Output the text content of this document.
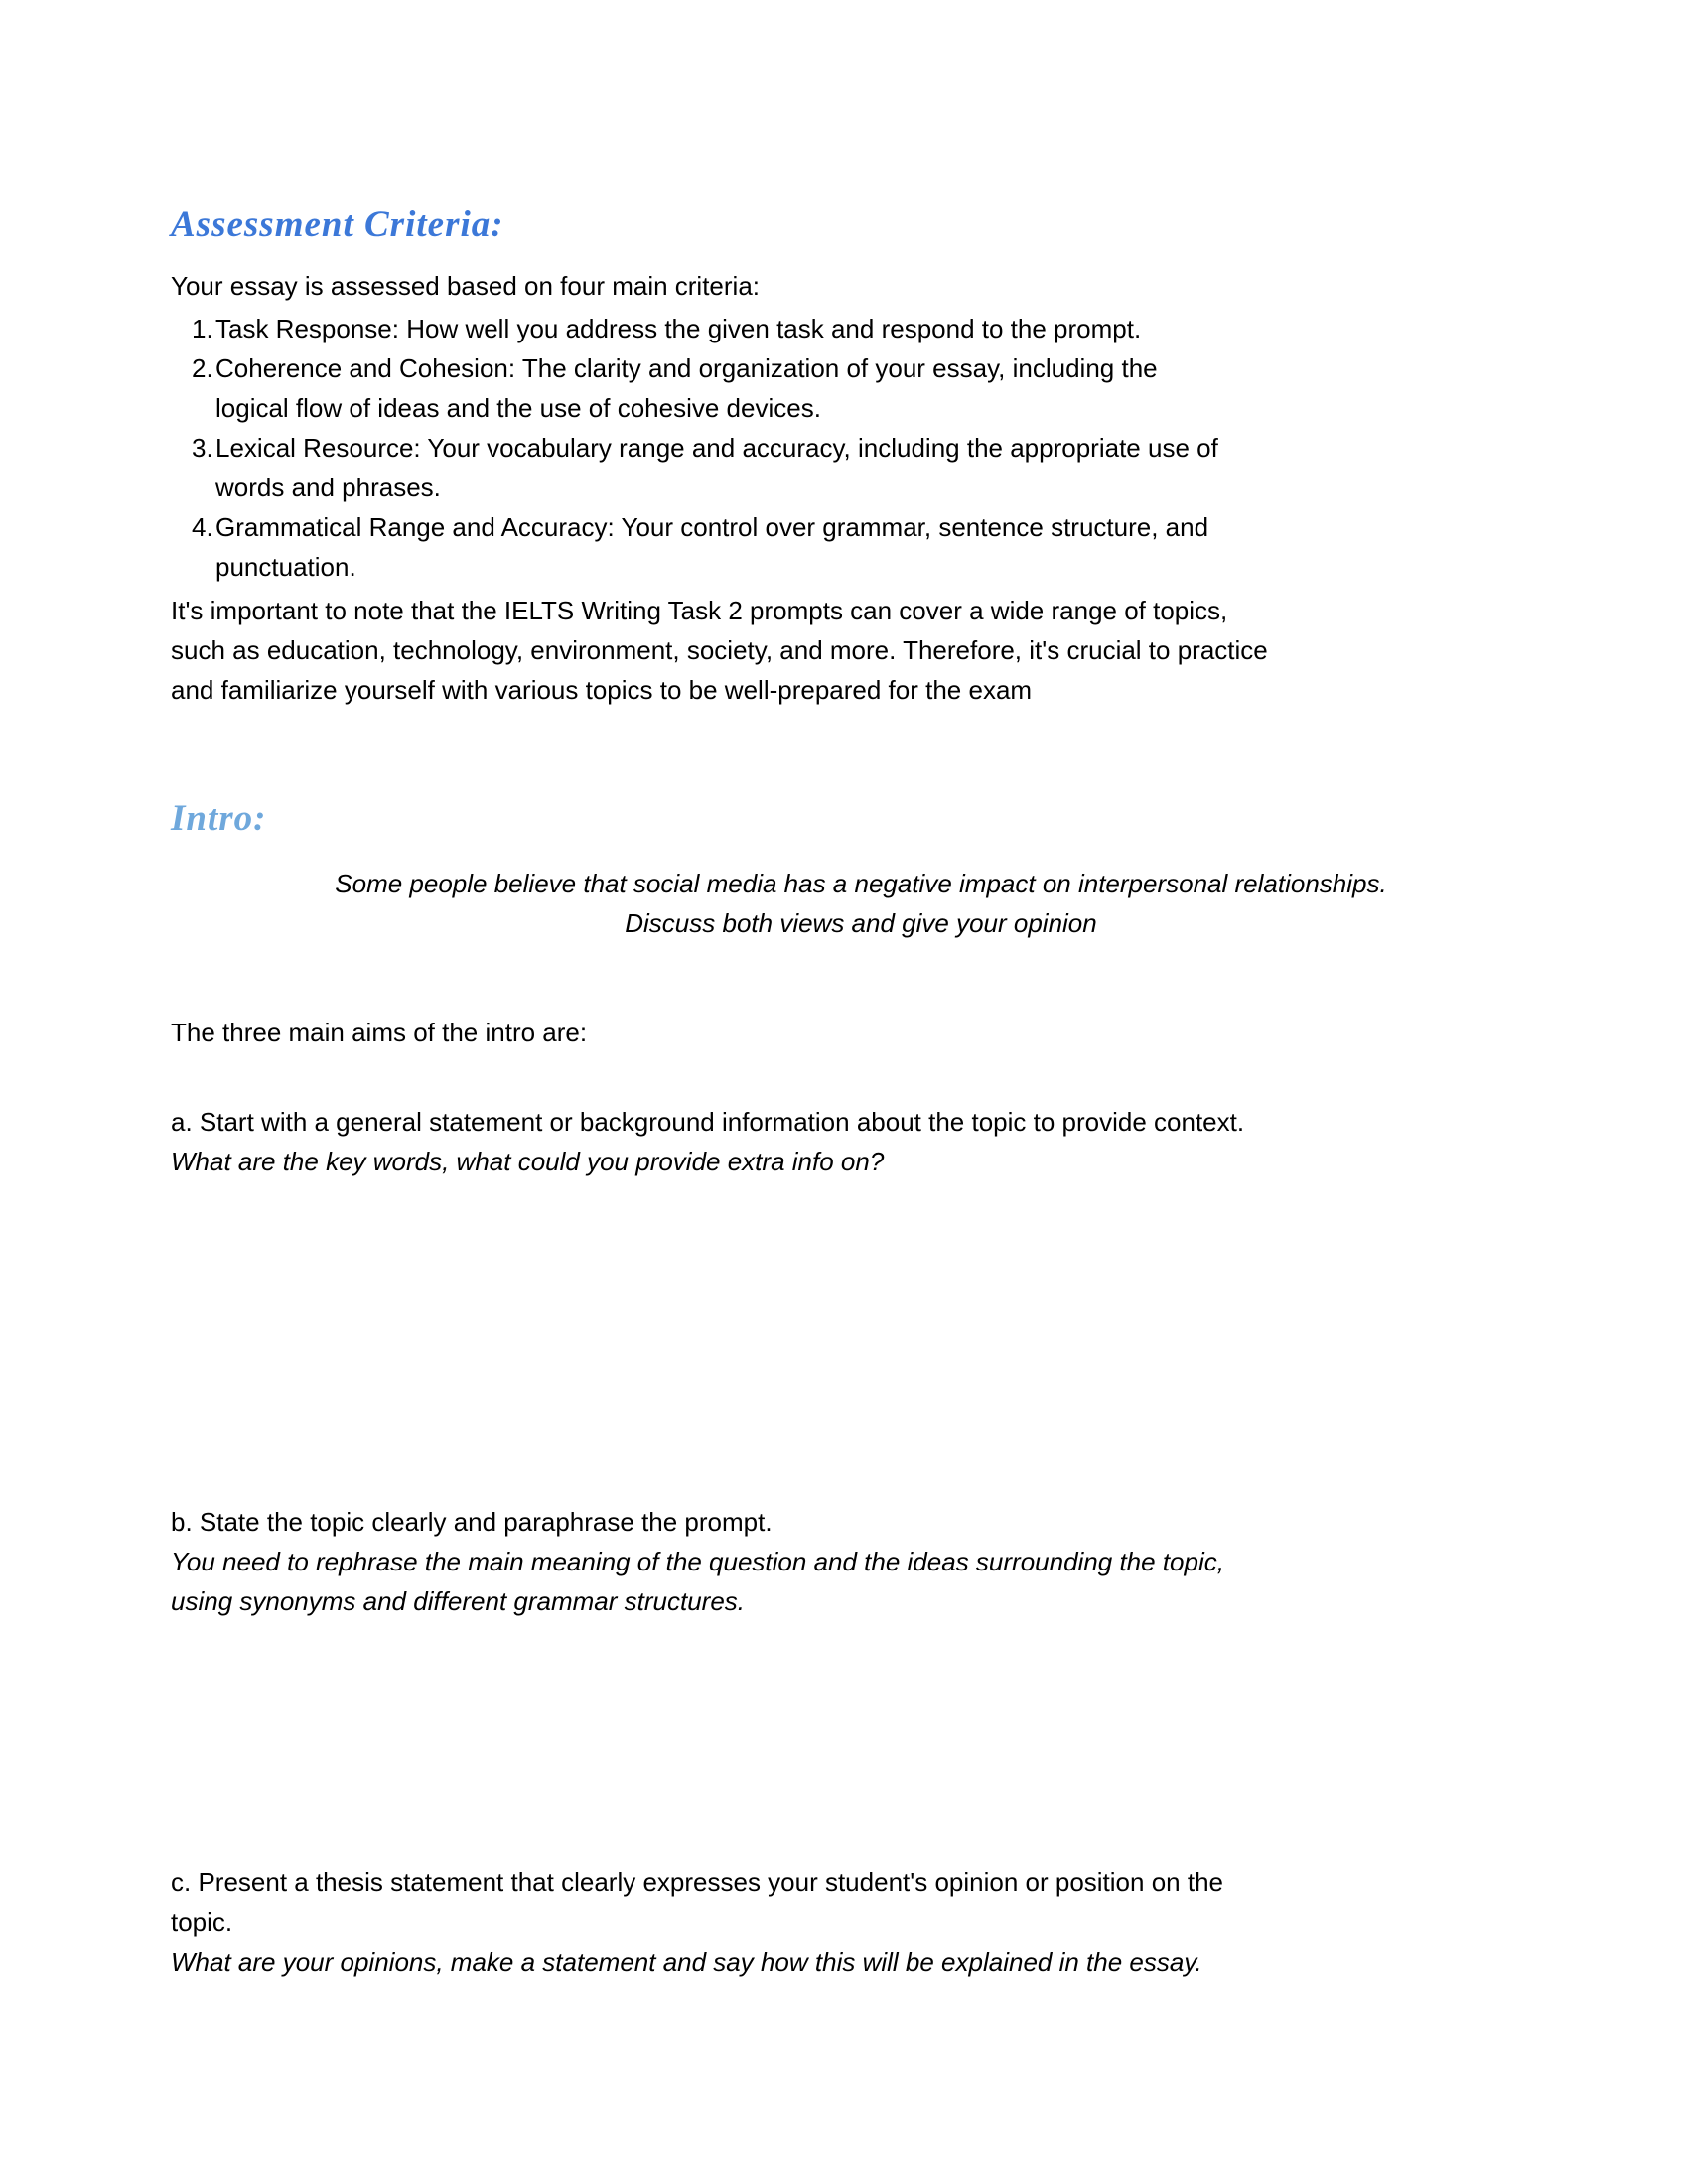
Assessment Criteria:
Your essay is assessed based on four main criteria:
1. Task Response: How well you address the given task and respond to the prompt.
2. Coherence and Cohesion: The clarity and organization of your essay, including the
logical flow of ideas and the use of cohesive devices.
3. Lexical Resource: Your vocabulary range and accuracy, including the appropriate use of
words and phrases.
4. Grammatical Range and Accuracy: Your control over grammar, sentence structure, and
punctuation.
It's important to note that the IELTS Writing Task 2 prompts can cover a wide range of topics,
such as education, technology, environment, society, and more. Therefore, it's crucial to practice
and familiarize yourself with various topics to be well-prepared for the exam
Intro:
Some people believe that social media has a negative impact on interpersonal relationships.
Discuss both views and give your opinion
The three main aims of the intro are:
a. Start with a general statement or background information about the topic to provide context.
What are the key words, what could you provide extra info on?
b. State the topic clearly and paraphrase the prompt.
You need to rephrase the main meaning of the question and the ideas surrounding the topic,
using synonyms and different grammar structures.
c. Present a thesis statement that clearly expresses your student's opinion or position on the
topic.
What are your opinions, make a statement and say how this will be explained in the essay.
